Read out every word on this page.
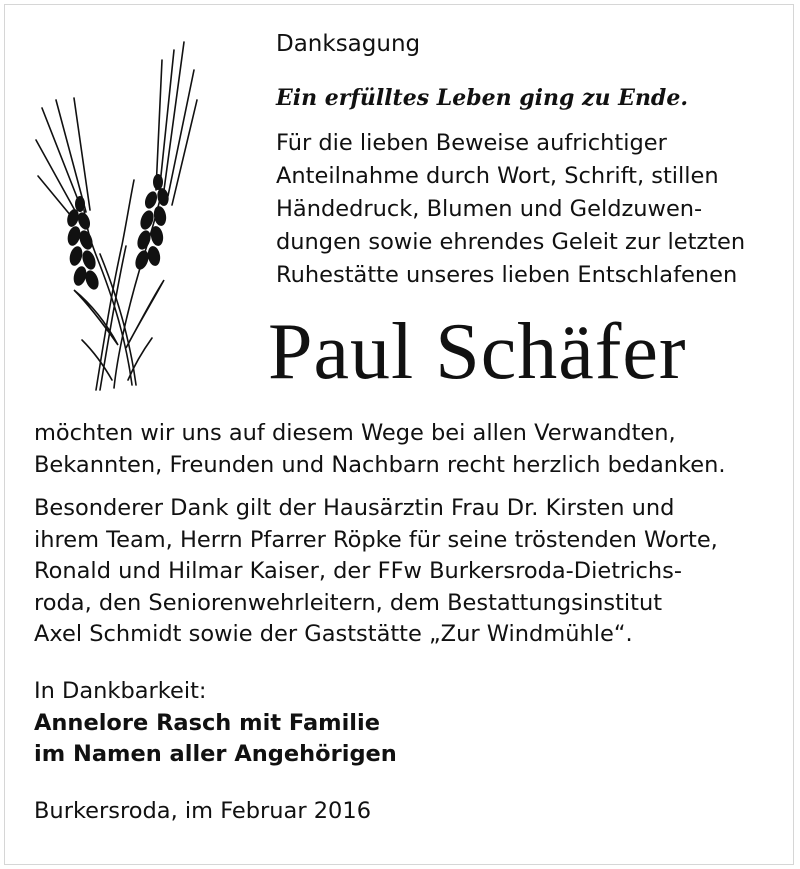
Danksagung

Ein erfülltes Leben ging zu Ende.

Für die lieben Beweise aufrichtiger
Anteilnahme durch Wort, Schrift, stillen
Händedruck, Blumen und Geldzuwen-
dungen sowie ehrendes Geleit zur letzten
Ruhestätte unseres lieben Entschlafenen

Paul Schäfer
möchten wir uns auf diesem Wege bei allen Verwandten,
Bekannten, Freunden und Nachbarn recht herzlich bedanken.
Besonderer Dank gilt der Hausärztin Frau Dr. Kirsten und
ihrem Team, Herrn Pfarrer Röpke für seine tröstenden Worte,
Ronald und Hilmar Kaiser, der FFw Burkersroda-Dietrichs-
roda, den Seniorenwehrleitern, dem Bestattungsinstitut
Axel Schmidt sowie der Gaststätte „Zur Windmühle“.
In Dankbarkeit:
Annelore Rasch mit Familie
im Namen aller Angehörigen

Burkersroda, im Februar 2016
